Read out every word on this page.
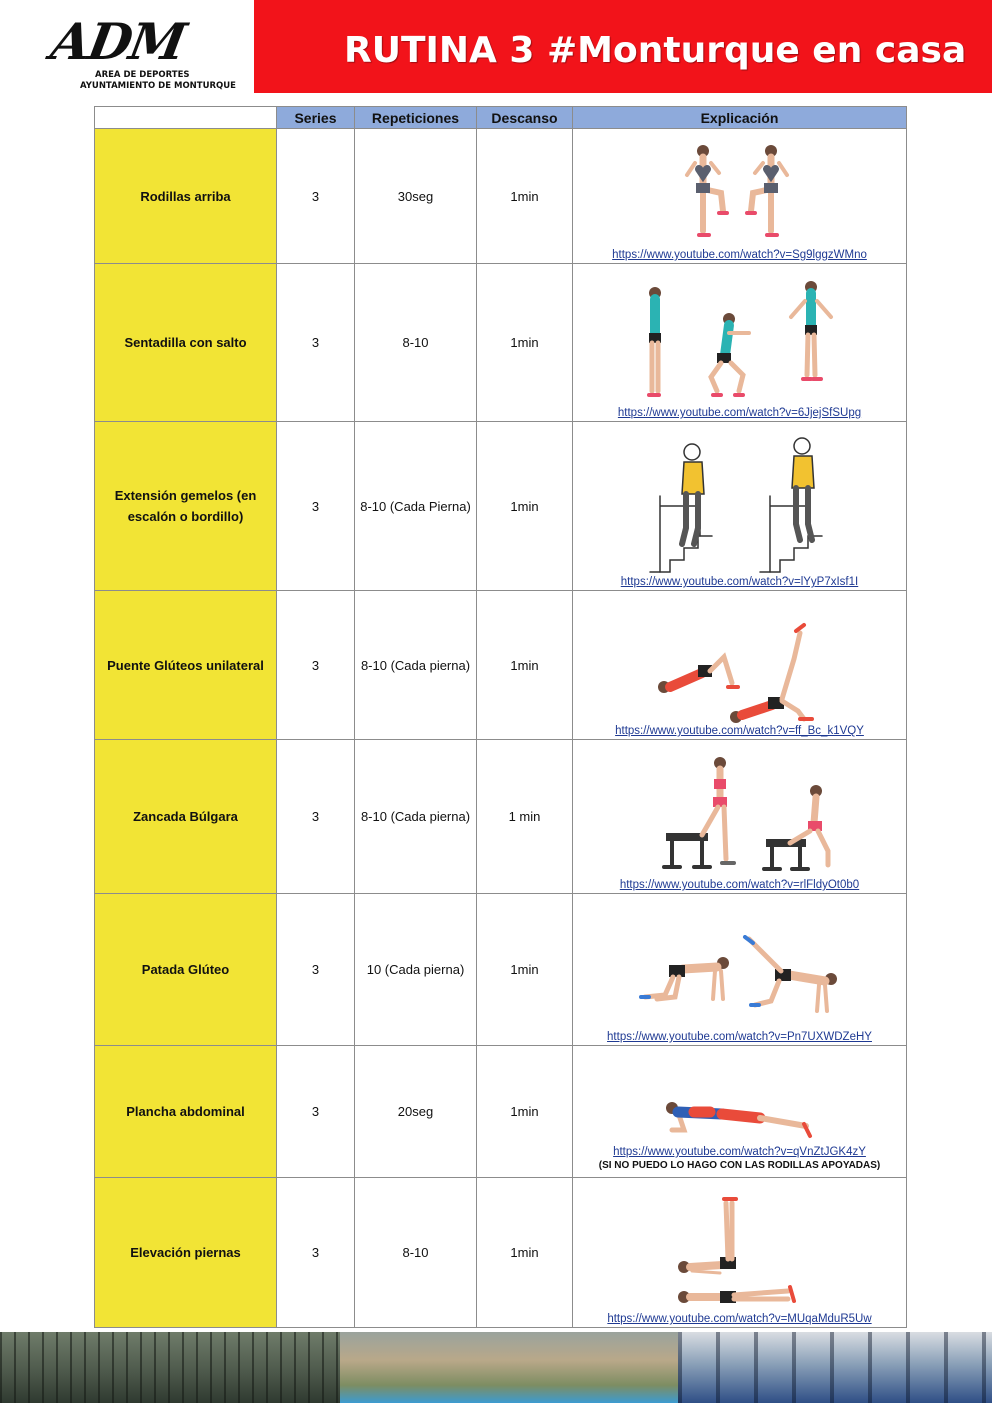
ADM
AREA DE DEPORTES
AYUNTAMIENTO DE MONTURQUE
RUTINA 3 #Monturque en casa
	Series	Repeticiones	Descanso	Explicación
Rodillas arriba	3	30seg	1min	https://www.youtube.com/watch?v=Sg9lggzWMno

Sentadilla con salto	3	8-10	1min	https://www.youtube.com/watch?v=6JjejSfSUpg

Extensión gemelos (en escalón o bordillo)	3	8-10 (Cada Pierna)	1min	https://www.youtube.com/watch?v=lYyP7xIsf1I

Puente Glúteos unilateral	3	8-10 (Cada pierna)	1min	https://www.youtube.com/watch?v=ff_Bc_k1VQY

Zancada Búlgara	3	8-10 (Cada pierna)	1 min	https://www.youtube.com/watch?v=rlFldyOt0b0

Patada Glúteo	3	10 (Cada pierna)	1min	https://www.youtube.com/watch?v=Pn7UXWDZeHY

Plancha abdominal	3	20seg	1min	https://www.youtube.com/watch?v=qVnZtJGK4zY
(SI NO PUEDO LO HAGO CON LAS RODILLAS APOYADAS)

Elevación piernas	3	8-10	1min	https://www.youtube.com/watch?v=MUqaMduR5Uw
